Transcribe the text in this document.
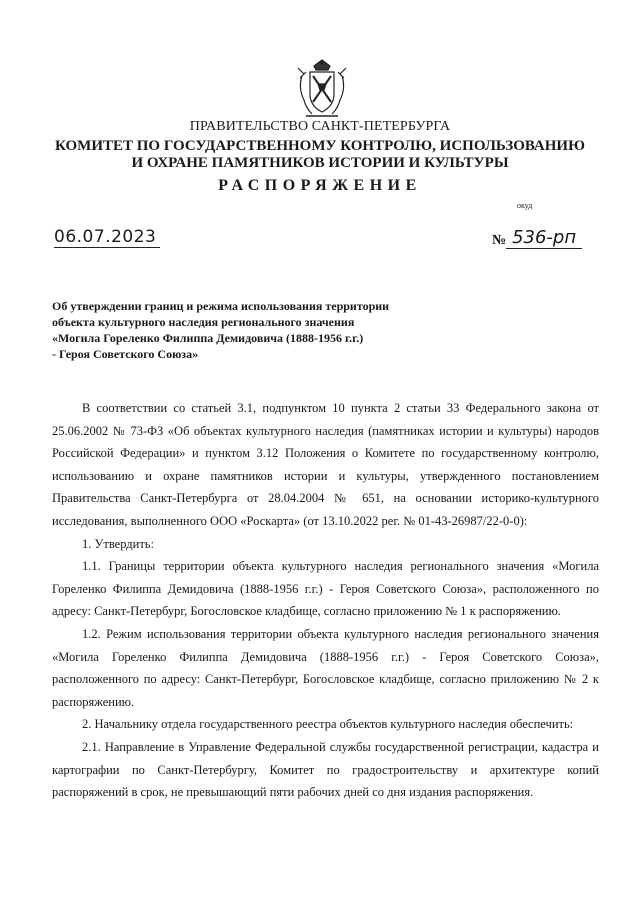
ПРАВИТЕЛЬСТВО САНКТ-ПЕТЕРБУРГА
КОМИТЕТ ПО ГОСУДАРСТВЕННОМУ КОНТРОЛЮ, ИСПОЛЬЗОВАНИЮ
И ОХРАНЕ ПАМЯТНИКОВ ИСТОРИИ И КУЛЬТУРЫ
РАСПОРЯЖЕНИЕ
окуд
06.07.2023	№ 536-рп
Об утверждении границ и режима использования территории
объекта культурного наследия регионального значения
«Могила Гореленко Филиппа Демидовича (1888-1956 г.г.)
- Героя Советского Союза»

В соответствии со статьей 3.1, подпунктом 10 пункта 2 статьи 33 Федерального закона от 25.06.2002 № 73-ФЗ «Об объектах культурного наследия (памятниках истории и культуры) народов Российской Федерации» и пунктом 3.12 Положения о Комитете по государственному контролю, использованию и охране памятников истории и культуры, утвержденного постановлением Правительства Санкт-Петербурга от 28.04.2004 № 651, на основании историко-культурного исследования, выполненного ООО «Роскарта» (от 13.10.2022 рег. № 01-43-26987/22-0-0):

1. Утвердить:

1.1. Границы территории объекта культурного наследия регионального значения «Могила Гореленко Филиппа Демидовича (1888-1956 г.г.) - Героя Советского Союза», расположенного по адресу: Санкт-Петербург, Богословское кладбище, согласно приложению № 1 к распоряжению.

1.2. Режим использования территории объекта культурного наследия регионального значения «Могила Гореленко Филиппа Демидовича (1888-1956 г.г.) - Героя Советского Союза», расположенного по адресу: Санкт-Петербург, Богословское кладбище, согласно приложению № 2 к распоряжению.

2. Начальнику отдела государственного реестра объектов культурного наследия обеспечить:

2.1. Направление в Управление Федеральной службы государственной регистрации, кадастра и картографии по Санкт-Петербургу, Комитет по градостроительству и архитектуре копий распоряжений в срок, не превышающий пяти рабочих дней со дня издания распоряжения.
